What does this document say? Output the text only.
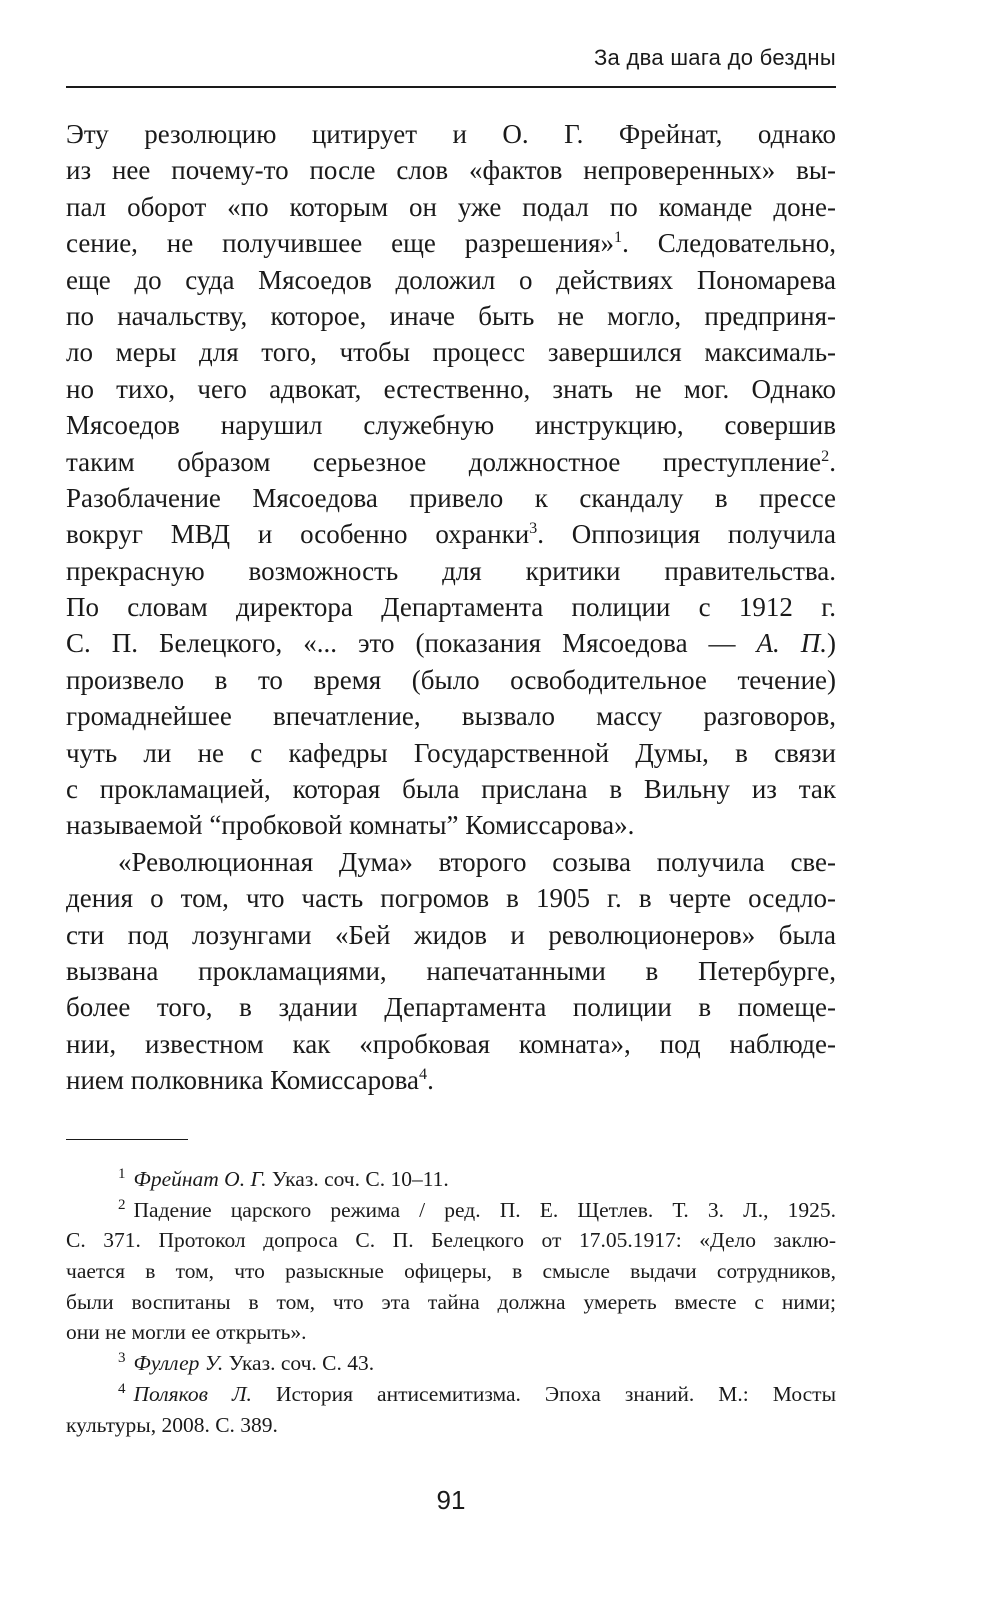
За два шага до бездны
Эту резолюцию цитирует и О. Г. Фрейнат, однако
из нее почему-то после слов «фактов непроверенных» вы-
пал оборот «по которым он уже подал по команде доне-
сение, не получившее еще разрешения»$^1$. Следовательно,
еще до суда Мясоедов доложил о действиях Пономарева
по начальству, которое, иначе быть не могло, предприня-
ло меры для того, чтобы процесс завершился максималь-
но тихо, чего адвокат, естественно, знать не мог. Однако
Мясоедов нарушил служебную инструкцию, совершив
таким образом серьезное должностное преступление$^2$.
Разоблачение Мясоедова привело к скандалу в прессе
вокруг МВД и особенно охранки$^3$. Оппозиция получила
прекрасную возможность для критики правительства.
По словам директора Департамента полиции с 1912 г.
С. П. Белецкого, «... это (показания Мясоедова — А. П.)
произвело в то время (было освободительное течение)
громаднейшее впечатление, вызвало массу разговоров,
чуть ли не с кафедры Государственной Думы, в связи
с прокламацией, которая была прислана в Вильну из так
называемой “пробковой комнаты” Комиссарова».
«Революционная Дума» второго созыва получила све-
дения о том, что часть погромов в 1905 г. в черте оседло-
сти под лозунгами «Бей жидов и революционеров» была
вызвана прокламациями, напечатанными в Петербурге,
более того, в здании Департамента полиции в помеще-
нии, известном как «пробковая комната», под наблюде-
нием полковника Комиссарова$^4$.
$^1$ Фрейнат О. Г. Указ. соч. С. 10–11.
$^2$ Падение царского режима / ред. П. Е. Щетлев. Т. 3. Л., 1925.
С. 371. Протокол допроса С. П. Белецкого от 17.05.1917: «Дело заклю-
чается в том, что разыскные офицеры, в смысле выдачи сотрудников,
были воспитаны в том, что эта тайна должна умереть вместе с ними;
они не могли ее открыть».
$^3$ Фуллер У. Указ. соч. С. 43.
$^4$ Поляков Л. История антисемитизма. Эпоха знаний. М.: Мосты
культуры, 2008. С. 389.
91
